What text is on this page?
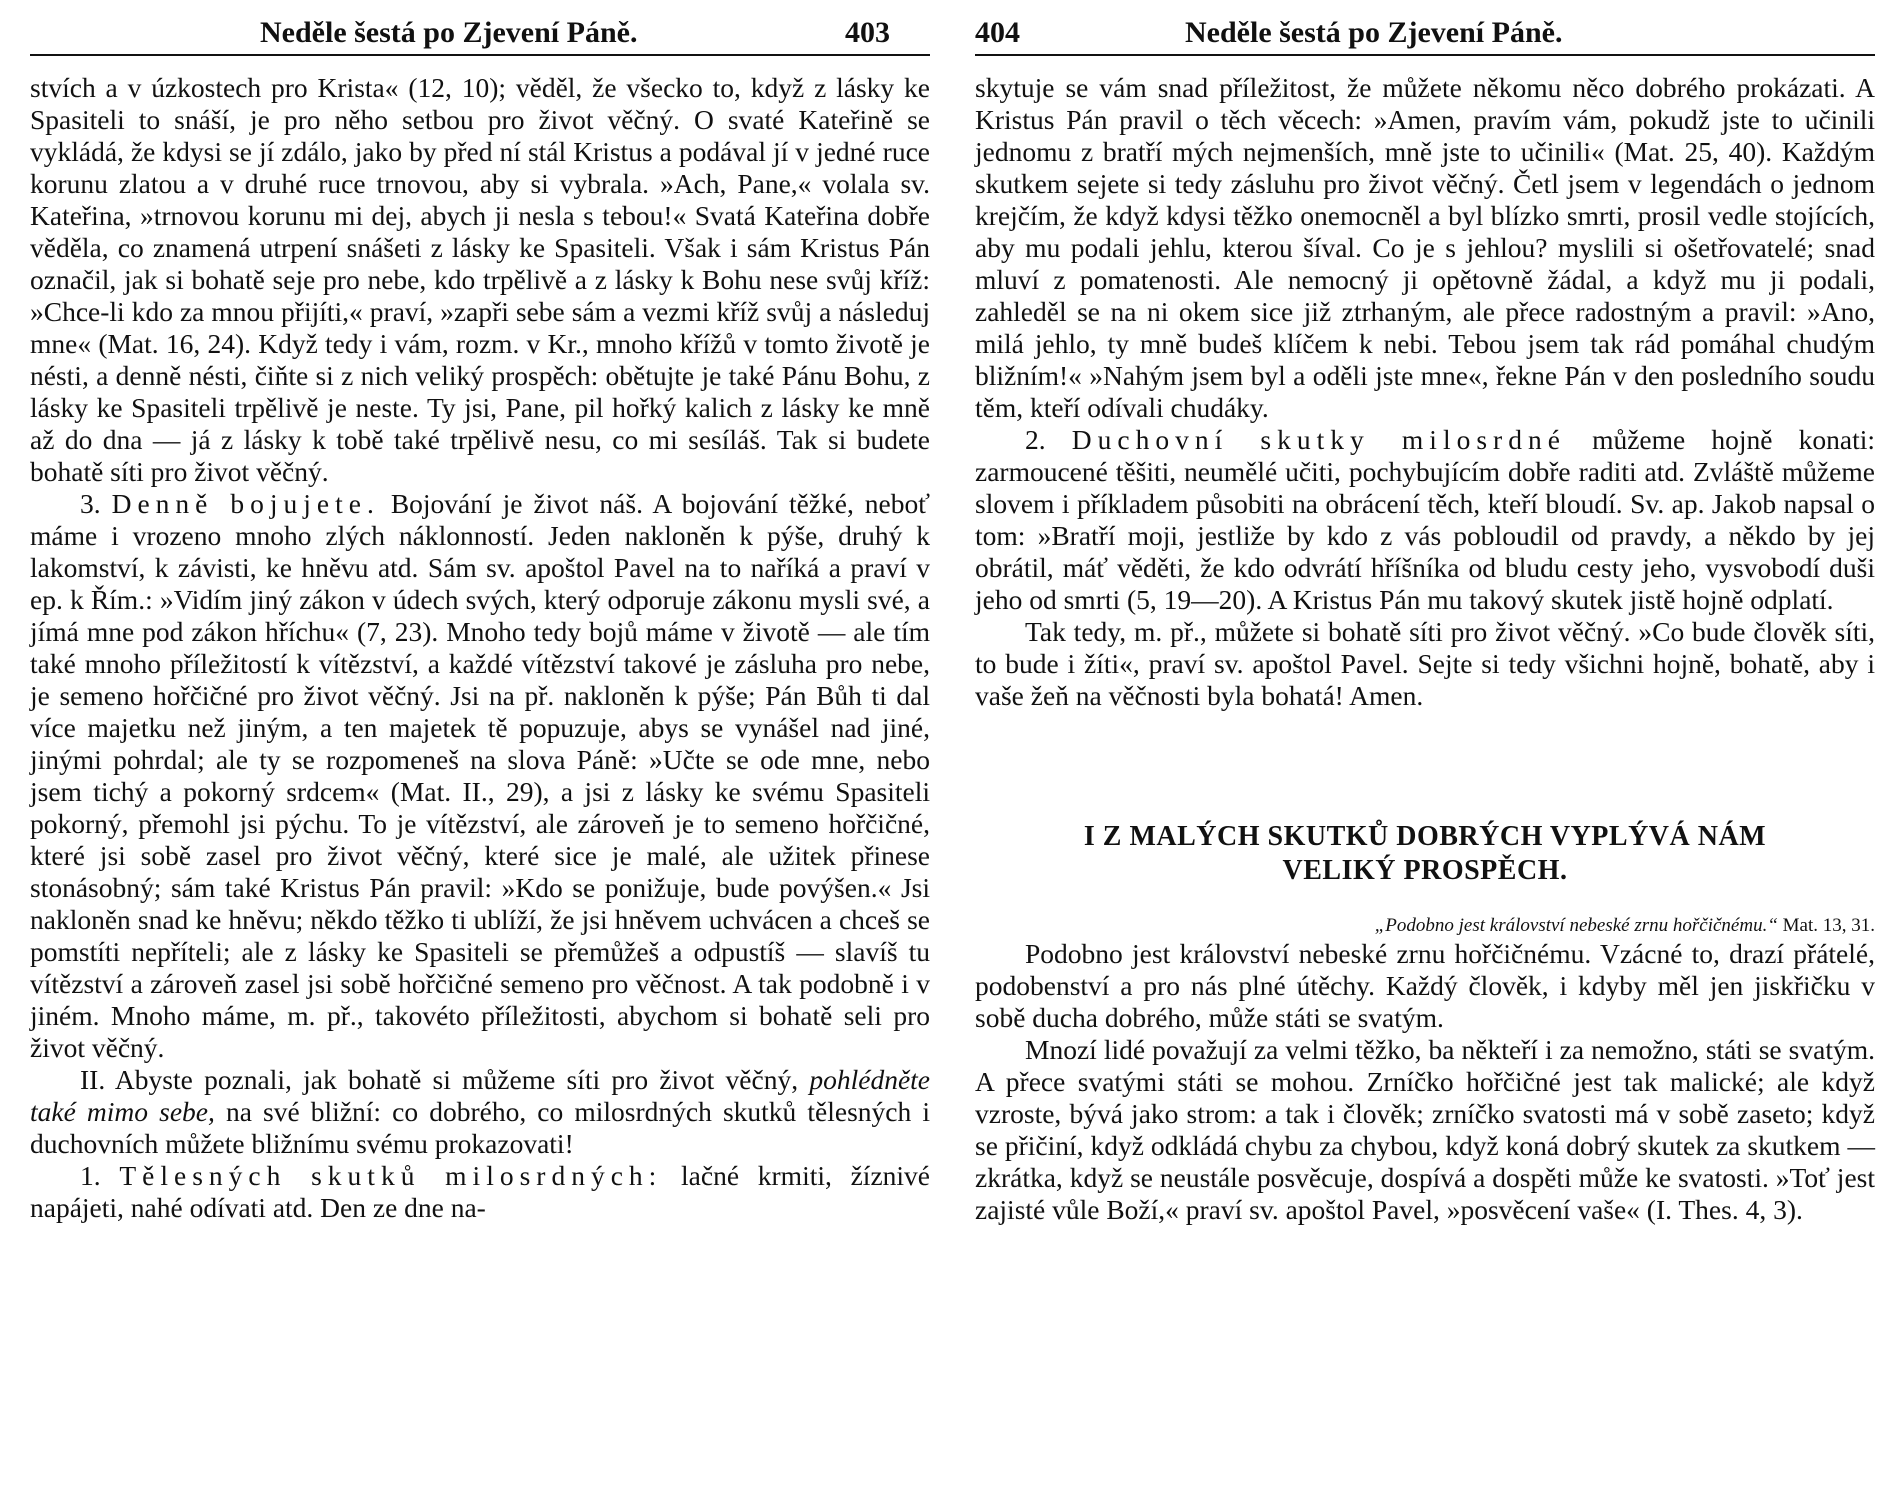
Neděle šestá po Zjevení Páně.	403

stvích a v úzkostech pro Krista« (12, 10); věděl, že všecko to, když z lásky ke Spasiteli to snáší, je pro něho setbou pro život věčný. O svaté Kateřině se vykládá, že kdysi se jí zdálo, jako by před ní stál Kristus a podával jí v jedné ruce korunu zlatou a v druhé ruce trnovou, aby si vybrala. »Ach, Pane,« volala sv. Kateřina, »trnovou korunu mi dej, abych ji nesla s tebou!« Svatá Kateřina dobře věděla, co znamená utrpení snášeti z lásky ke Spasiteli. Však i sám Kristus Pán označil, jak si bohatě seje pro nebe, kdo trpělivě a z lásky k Bohu nese svůj kříž: »Chce-li kdo za mnou přijíti,« praví, »zapři sebe sám a vezmi kříž svůj a následuj mne« (Mat. 16, 24). Když tedy i vám, rozm. v Kr., mnoho křížů v tomto životě je nésti, a denně nésti, čiňte si z nich veliký prospěch: obětujte je také Pánu Bohu, z lásky ke Spasiteli trpělivě je neste. Ty jsi, Pane, pil hořký kalich z lásky ke mně až do dna — já z lásky k tobě také trpělivě nesu, co mi sesíláš. Tak si budete bohatě síti pro život věčný.

3. Denně bojujete. Bojování je život náš. A bojování těžké, neboť máme i vrozeno mnoho zlých náklonností. Jeden nakloněn k pýše, druhý k lakomství, k závisti, ke hněvu atd. Sám sv. apoštol Pavel na to naříká a praví v ep. k Řím.: »Vidím jiný zákon v údech svých, který odporuje zákonu mysli své, a jímá mne pod zákon hříchu« (7, 23). Mnoho tedy bojů máme v životě — ale tím také mnoho příležitostí k vítězství, a každé vítězství takové je zásluha pro nebe, je semeno hořčičné pro život věčný. Jsi na př. nakloněn k pýše; Pán Bůh ti dal více majetku než jiným, a ten majetek tě popuzuje, abys se vynášel nad jiné, jinými pohrdal; ale ty se rozpomeneš na slova Páně: »Učte se ode mne, nebo jsem tichý a pokorný srdcem« (Mat. II., 29), a jsi z lásky ke svému Spasiteli pokorný, přemohl jsi pýchu. To je vítězství, ale zároveň je to semeno hořčičné, které jsi sobě zasel pro život věčný, které sice je malé, ale užitek přinese stonásobný; sám také Kristus Pán pravil: »Kdo se ponižuje, bude povýšen.« Jsi nakloněn snad ke hněvu; někdo těžko ti ublíží, že jsi hněvem uchvácen a chceš se pomstíti nepříteli; ale z lásky ke Spasiteli se přemůžeš a odpustíš — slavíš tu vítězství a zároveň zasel jsi sobě hořčičné semeno pro věčnost. A tak podobně i v jiném. Mnoho máme, m. př., takovéto příležitosti, abychom si bohatě seli pro život věčný.

II. Abyste poznali, jak bohatě si můžeme síti pro život věčný, pohlédněte také mimo sebe, na své bližní: co dobrého, co milosrdných skutků tělesných i duchovních můžete bližnímu svému prokazovati!

1. Tělesných skutků milosrdných: lačné krmiti, žíznivé napájeti, nahé odívati atd. Den ze dne na-

404	Neděle šestá po Zjevení Páně.

skytuje se vám snad příležitost, že můžete někomu něco dobrého prokázati. A Kristus Pán pravil o těch věcech: »Amen, pravím vám, pokudž jste to učinili jednomu z bratří mých nejmenších, mně jste to učinili« (Mat. 25, 40). Každým skutkem sejete si tedy zásluhu pro život věčný. Četl jsem v legendách o jednom krejčím, že když kdysi těžko onemocněl a byl blízko smrti, prosil vedle stojících, aby mu podali jehlu, kterou šíval. Co je s jehlou? myslili si ošetřovatelé; snad mluví z pomatenosti. Ale nemocný ji opětovně žádal, a když mu ji podali, zahleděl se na ni okem sice již ztrhaným, ale přece radostným a pravil: »Ano, milá jehlo, ty mně budeš klíčem k nebi. Tebou jsem tak rád pomáhal chudým bližním!« »Nahým jsem byl a oděli jste mne«, řekne Pán v den posledního soudu těm, kteří odívali chudáky.

2. Duchovní skutky milosrdné můžeme hojně konati: zarmoucené těšiti, neumělé učiti, pochybujícím dobře raditi atd. Zvláště můžeme slovem i příkladem působiti na obrácení těch, kteří bloudí. Sv. ap. Jakob napsal o tom: »Bratří moji, jestliže by kdo z vás pobloudil od pravdy, a někdo by jej obrátil, máť věděti, že kdo odvrátí hříšníka od bludu cesty jeho, vysvobodí duši jeho od smrti (5, 19—20). A Kristus Pán mu takový skutek jistě hojně odplatí.

Tak tedy, m. př., můžete si bohatě síti pro život věčný. »Co bude člověk síti, to bude i žíti«, praví sv. apoštol Pavel. Sejte si tedy všichni hojně, bohatě, aby i vaše žeň na věčnosti byla bohatá! Amen.

I Z MALÝCH SKUTKŮ DOBRÝCH VYPLÝVÁ NÁM
VELIKÝ PROSPĚCH.

„Podobno jest království nebeské zrnu hořčičnému.“ Mat. 13, 31.

Podobno jest království nebeské zrnu hořčičnému. Vzácné to, drazí přátelé, podobenství a pro nás plné útěchy. Každý člověk, i kdyby měl jen jiskřičku v sobě ducha dobrého, může státi se svatým.

Mnozí lidé považují za velmi těžko, ba někteří i za nemožno, státi se svatým. A přece svatými státi se mohou. Zrníčko hořčičné jest tak malické; ale když vzroste, bývá jako strom: a tak i člověk; zrníčko svatosti má v sobě zaseto; když se přičiní, když odkládá chybu za chybou, když koná dobrý skutek za skutkem — zkrátka, když se neustále posvěcuje, dospívá a dospěti může ke svatosti. »Toť jest zajisté vůle Boží,« praví sv. apoštol Pavel, »posvěcení vaše« (I. Thes. 4, 3).
